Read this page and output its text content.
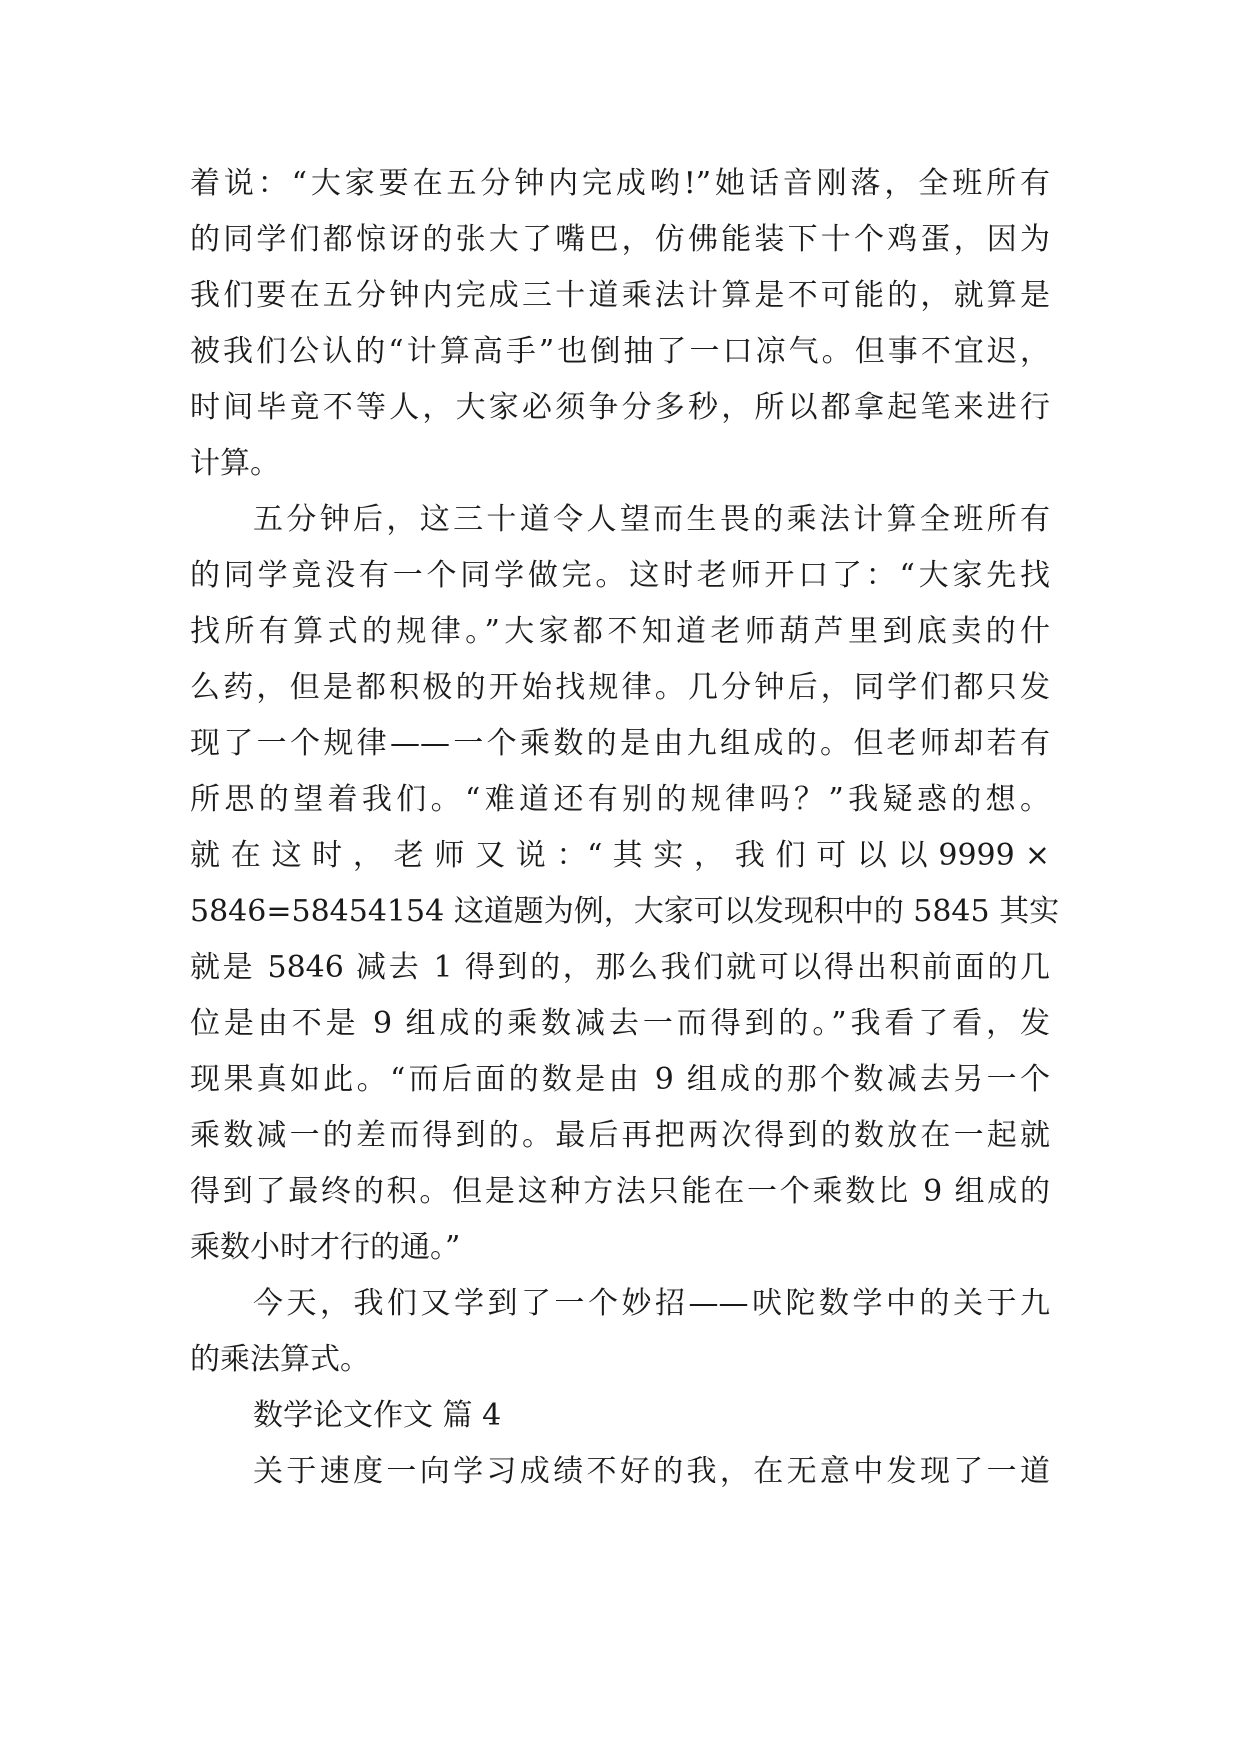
着说：“大家要在五分钟内完成哟!”她话音刚落，全班所有
的同学们都惊讶的张大了嘴巴，仿佛能装下十个鸡蛋，因为
我们要在五分钟内完成三十道乘法计算是不可能的，就算是
被我们公认的“计算高手”也倒抽了一口凉气。但事不宜迟，
时间毕竟不等人，大家必须争分多秒，所以都拿起笔来进行
计算。
五分钟后，这三十道令人望而生畏的乘法计算全班所有
的同学竟没有一个同学做完。这时老师开口了：“大家先找
找所有算式的规律。”大家都不知道老师葫芦里到底卖的什
么药，但是都积极的开始找规律。几分钟后，同学们都只发
现了一个规律——一个乘数的是由九组成的。但老师却若有
所思的望着我们。“难道还有别的规律吗？”我疑惑的想。
就 在 这 时 ， 老 师 又 说 ：“ 其 实 ， 我 们 可 以 以 9999 ×
5846=58454154 这道题为例，大家可以发现积中的 5845 其实
就是 5846 减去 1 得到的，那么我们就可以得出积前面的几
位是由不是 9 组成的乘数减去一而得到的。”我看了看，发
现果真如此。“而后面的数是由 9 组成的那个数减去另一个
乘数减一的差而得到的。最后再把两次得到的数放在一起就
得到了最终的积。但是这种方法只能在一个乘数比 9 组成的
乘数小时才行的通。”
今天，我们又学到了一个妙招——吠陀数学中的关于九
的乘法算式。
数学论文作文 篇 4
关于速度一向学习成绩不好的我，在无意中发现了一道
